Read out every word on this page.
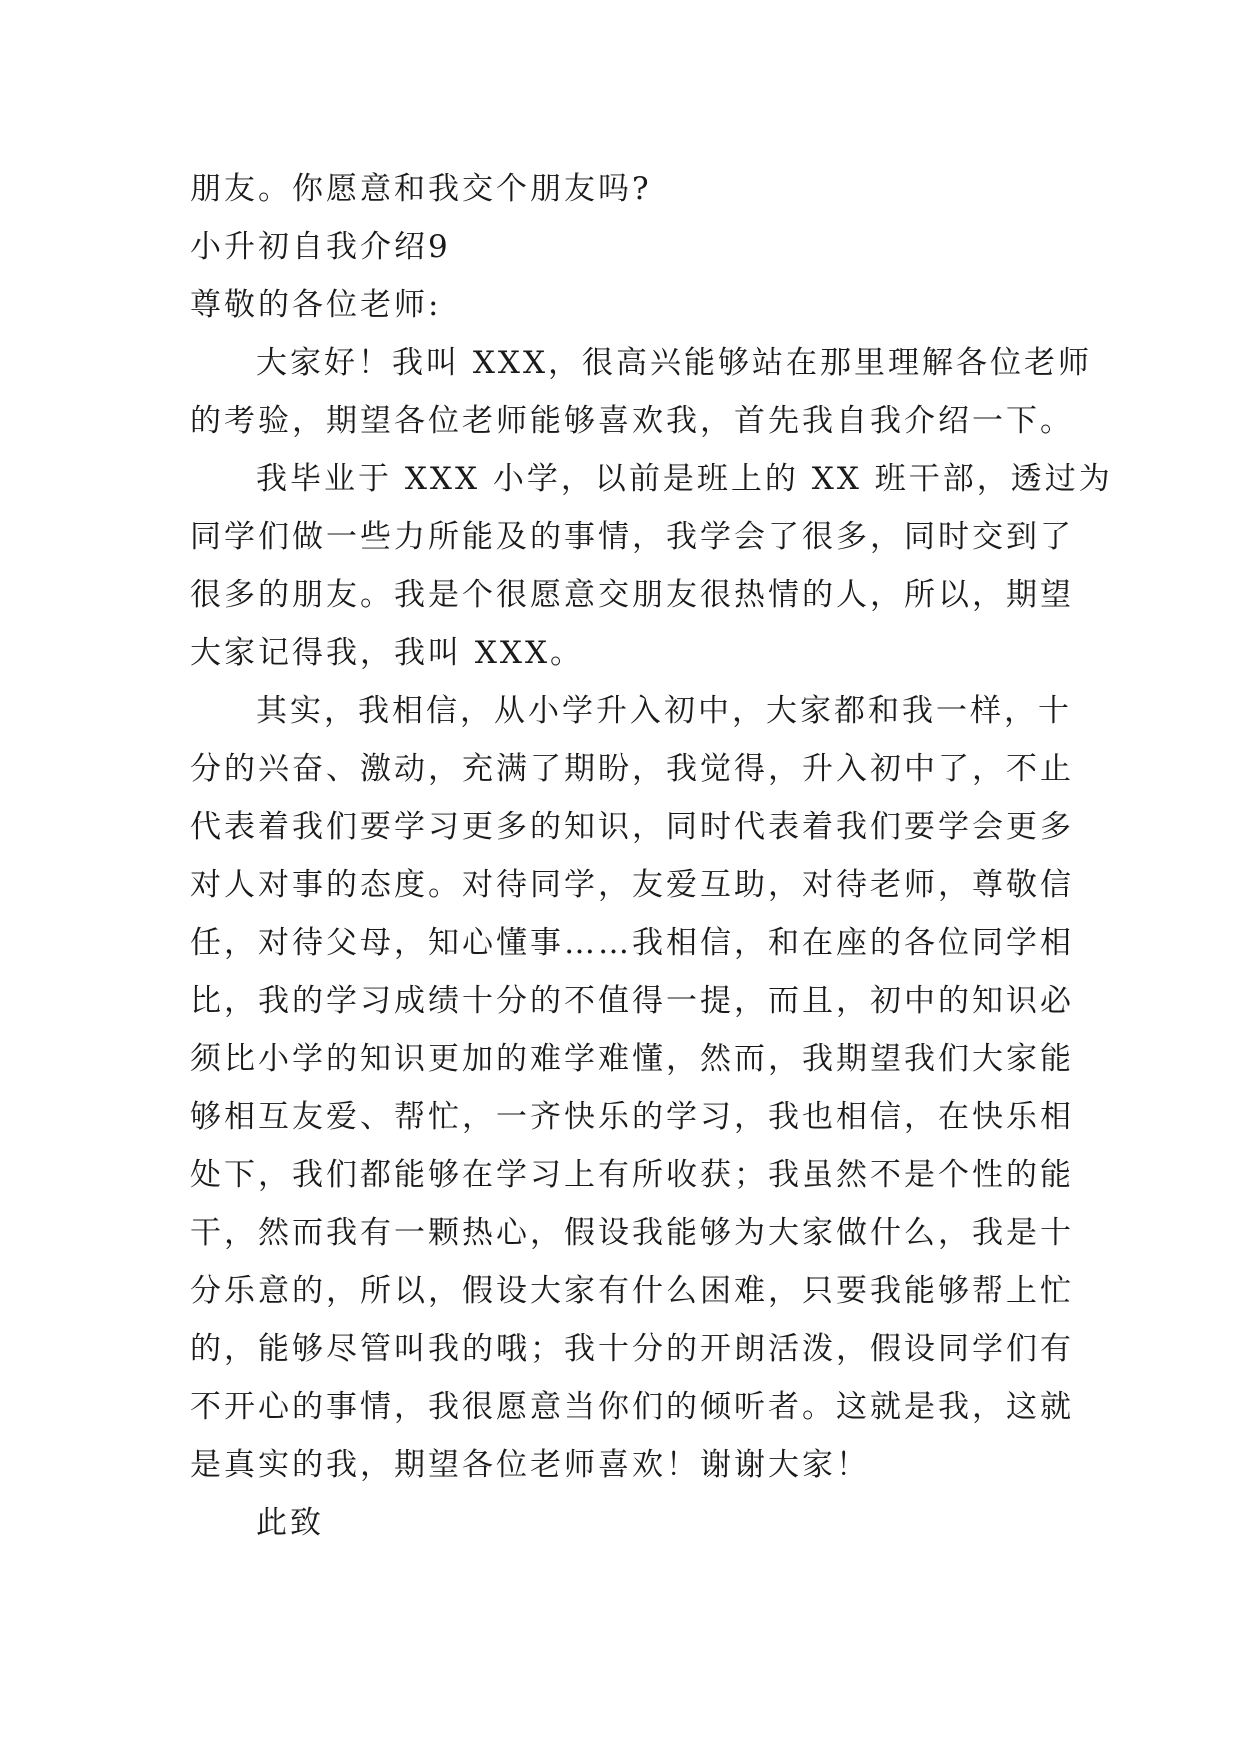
朋友。你愿意和我交个朋友吗?
小升初自我介绍9
尊敬的各位老师:
大家好！我叫 XXX，很高兴能够站在那里理解各位老师
的考验，期望各位老师能够喜欢我，首先我自我介绍一下。
我毕业于 XXX 小学，以前是班上的 XX 班干部，透过为
同学们做一些力所能及的事情，我学会了很多，同时交到了
很多的朋友。我是个很愿意交朋友很热情的人，所以，期望
大家记得我，我叫 XXX。
其实，我相信，从小学升入初中，大家都和我一样，十
分的兴奋、激动，充满了期盼，我觉得，升入初中了，不止
代表着我们要学习更多的知识，同时代表着我们要学会更多
对人对事的态度。对待同学，友爱互助，对待老师，尊敬信
任，对待父母，知心懂事……我相信，和在座的各位同学相
比，我的学习成绩十分的不值得一提，而且，初中的知识必
须比小学的知识更加的难学难懂，然而，我期望我们大家能
够相互友爱、帮忙，一齐快乐的学习，我也相信，在快乐相
处下，我们都能够在学习上有所收获；我虽然不是个性的能
干，然而我有一颗热心，假设我能够为大家做什么，我是十
分乐意的，所以，假设大家有什么困难，只要我能够帮上忙
的，能够尽管叫我的哦；我十分的开朗活泼，假设同学们有
不开心的事情，我很愿意当你们的倾听者。这就是我，这就
是真实的我，期望各位老师喜欢！谢谢大家！
此致
